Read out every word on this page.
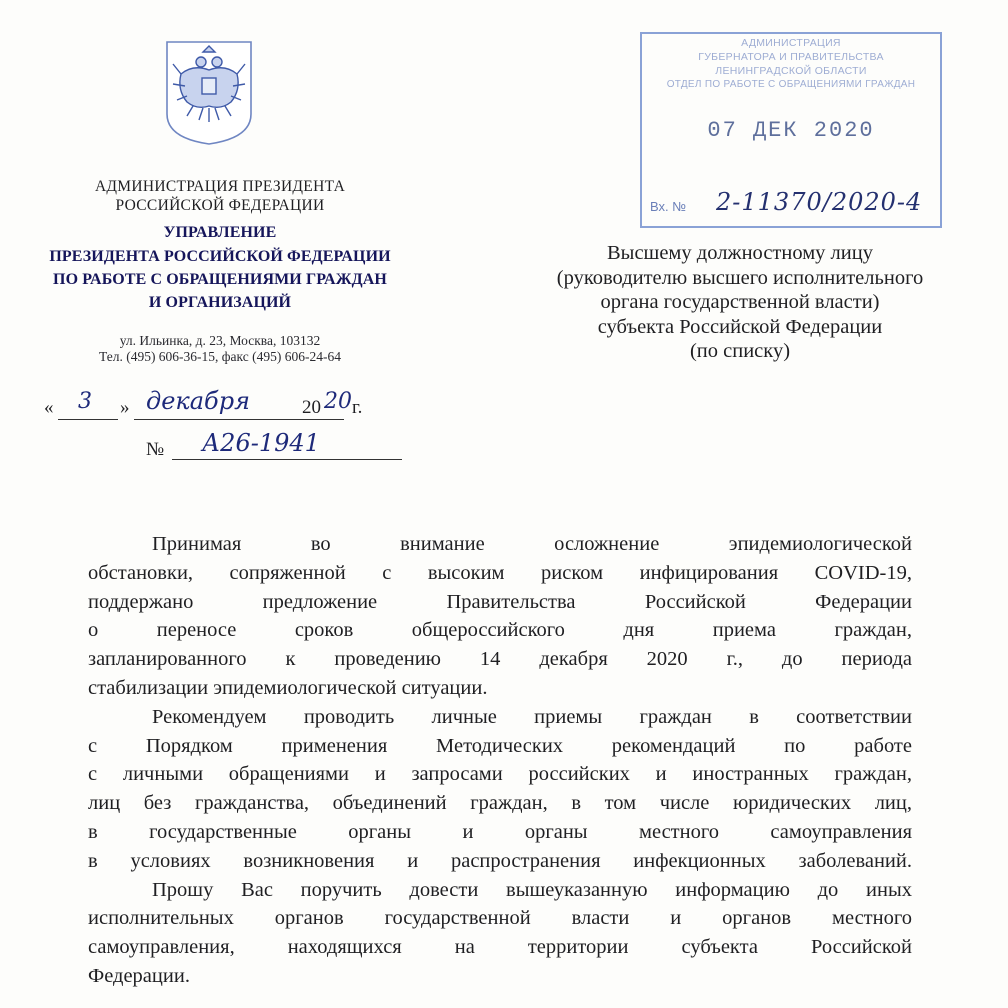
АДМИНИСТРАЦИЯ ПРЕЗИДЕНТА
РОССИЙСКОЙ ФЕДЕРАЦИИ
УПРАВЛЕНИЕ
ПРЕЗИДЕНТА РОССИЙСКОЙ ФЕДЕРАЦИИ
ПО РАБОТЕ С ОБРАЩЕНИЯМИ ГРАЖДАН
И ОРГАНИЗАЦИЙ
ул. Ильинка, д. 23, Москва, 103132
Тел. (495) 606-36-15, факс (495) 606-24-64
« 3 » декабря	20 20 г.
№ А26-1941
АДМИНИСТРАЦИЯ
ГУБЕРНАТОРА И ПРАВИТЕЛЬСТВА
ЛЕНИНГРАДСКОЙ ОБЛАСТИ
ОТДЕЛ ПО РАБОТЕ С ОБРАЩЕНИЯМИ ГРАЖДАН
07 ДЕК 2020
Вх. № 2-11370/2020-4
Высшему должностному лицу
(руководителю высшего исполнительного
органа государственной власти)
субъекта Российской Федерации
(по списку)

Принимая во внимание осложнение эпидемиологической

обстановки, сопряженной с высоким риском инфицирования COVID-19,

поддержано предложение Правительства Российской Федерации

о переносе сроков общероссийского дня приема граждан,

запланированного к проведению 14 декабря 2020 г., до периода

стабилизации эпидемиологической ситуации.

Рекомендуем проводить личные приемы граждан в соответствии

с Порядком применения Методических рекомендаций по работе

с личными обращениями и запросами российских и иностранных граждан,

лиц без гражданства, объединений граждан, в том числе юридических лиц,

в государственные органы и органы местного самоуправления

в условиях возникновения и распространения инфекционных заболеваний.

Прошу Вас поручить довести вышеуказанную информацию до иных

исполнительных органов государственной власти и органов местного

самоуправления, находящихся на территории субъекта Российской

Федерации.
